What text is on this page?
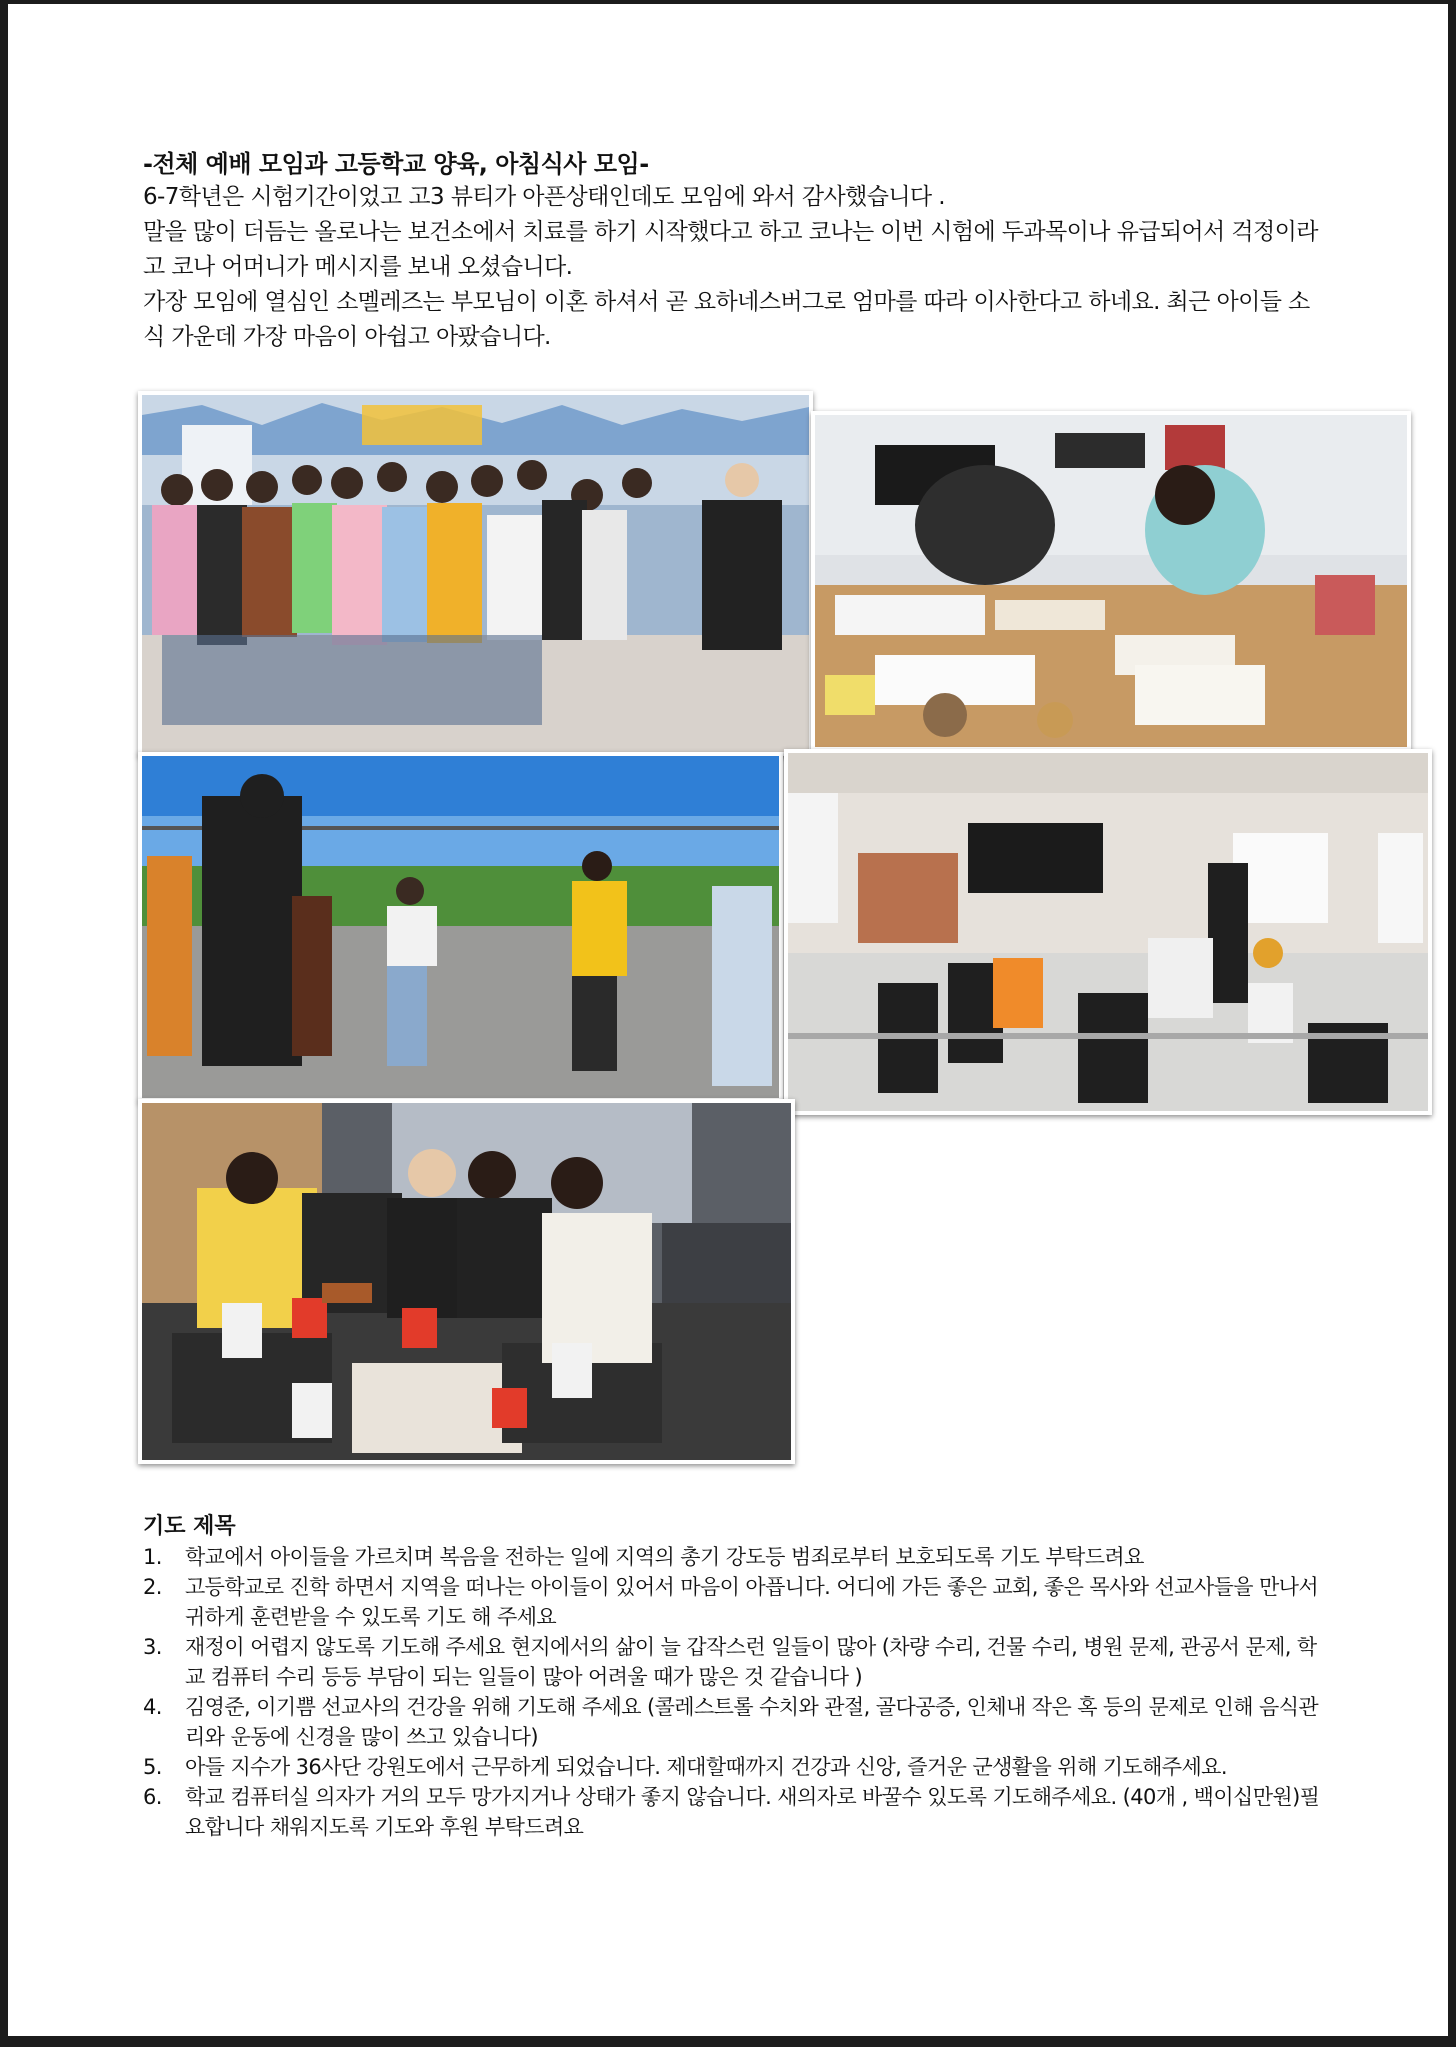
-전체 예배 모임과 고등학교 양육, 아침식사 모임-

6-7학년은 시험기간이었고 고3 뷰티가 아픈상태인데도 모임에 와서 감사했습니다 .

말을 많이 더듬는 올로나는 보건소에서 치료를 하기 시작했다고 하고 코나는 이번 시험에 두과목이나 유급되어서 걱정이라고 코나 어머니가 메시지를 보내 오셨습니다.

가장 모임에 열심인 소멜레즈는 부모님이 이혼 하셔서 곧 요하네스버그로 엄마를 따라 이사한다고 하네요. 최근 아이들 소식 가운데 가장 마음이 아쉽고 아팠습니다.

기도 제목
1. 학교에서 아이들을 가르치며 복음을 전하는 일에 지역의 총기 강도등 범죄로부터 보호되도록 기도 부탁드려요
2. 고등학교로 진학 하면서 지역을 떠나는 아이들이 있어서 마음이 아픕니다. 어디에 가든 좋은 교회, 좋은 목사와 선교사들을 만나서 귀하게 훈련받을 수 있도록 기도 해 주세요
3. 재정이 어렵지 않도록 기도해 주세요 현지에서의 삶이 늘 갑작스런 일들이 많아 (차량 수리, 건물 수리, 병원 문제, 관공서 문제, 학교 컴퓨터 수리 등등 부담이 되는 일들이 많아 어려울 때가 많은 것 같습니다 )
4. 김영준, 이기쁨 선교사의 건강을 위해 기도해 주세요 (콜레스트롤 수치와 관절, 골다공증, 인체내 작은 혹 등의 문제로 인해 음식관리와 운동에 신경을 많이 쓰고 있습니다)
5. 아들 지수가 36사단 강원도에서 근무하게 되었습니다. 제대할때까지 건강과 신앙, 즐거운 군생활을 위해 기도해주세요.
6. 학교 컴퓨터실 의자가 거의 모두 망가지거나 상태가 좋지 않습니다. 새의자로 바꿀수 있도록 기도해주세요. (40개 , 백이십만원)필요합니다 채워지도록 기도와 후원 부탁드려요
